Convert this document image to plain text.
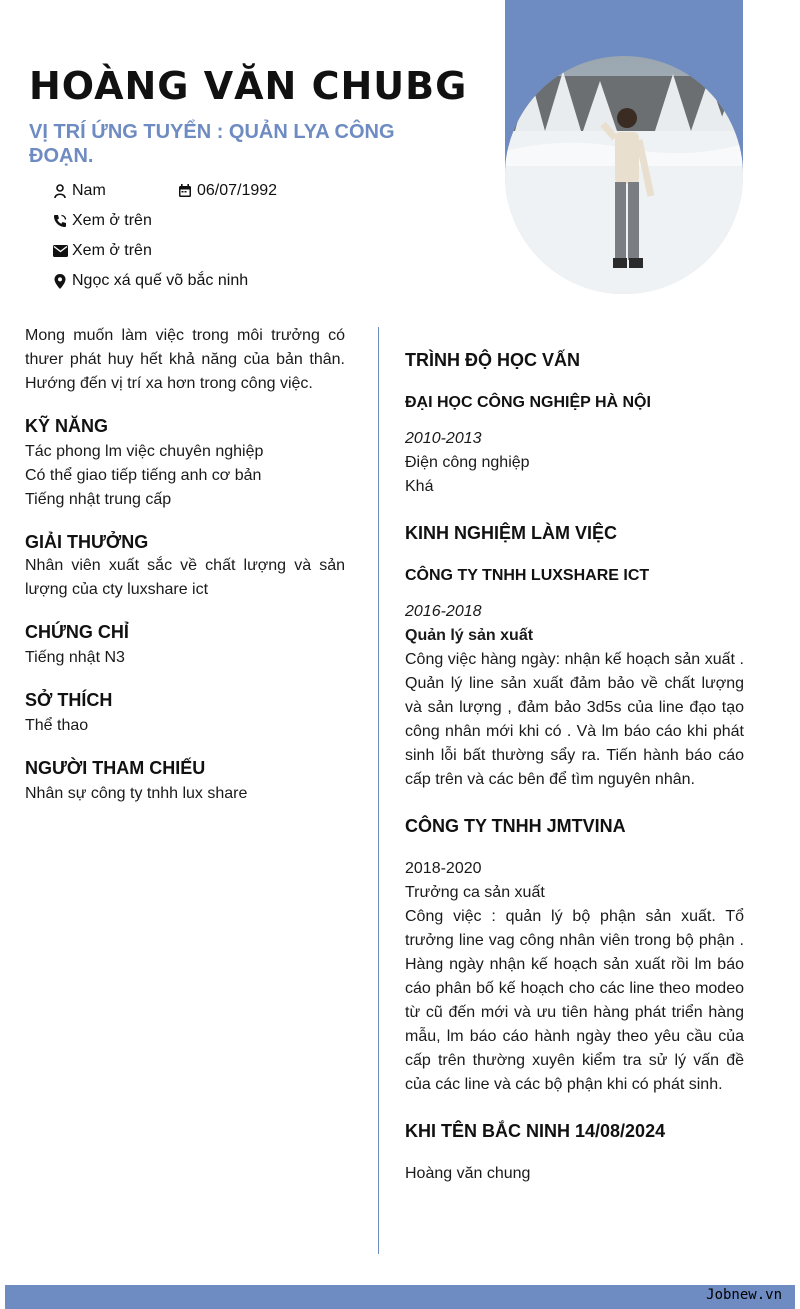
HOÀNG VĂN CHUBG
VỊ TRÍ ỨNG TUYỂN : QUẢN LYA CÔNG ĐOẠN.
Nam	06/07/1992
Xem ở trên
Xem ở trên
Ngọc xá quế võ bắc ninh

Mong muốn làm việc trong môi trưởng có thưer phát huy hết khả năng của bản thân. Hướng đến vị trí xa hơn trong công việc.

KỸ NĂNG
Tác phong lm việc chuyên nghiệp
Có thể giao tiếp tiếng anh cơ bản
Tiếng nhật trung cấp
GIẢI THƯỞNG

Nhân viên xuất sắc về chất lượng và sản lượng của cty luxshare ict

CHỨNG CHỈ

Tiếng nhật N3

SỞ THÍCH

Thể thao

NGƯỜI THAM CHIẾU

Nhân sự công ty tnhh lux share

TRÌNH ĐỘ HỌC VẤN
ĐẠI HỌC CÔNG NGHIỆP HÀ NỘI
2010-2013
Điện công nghiệp
Khá
KINH NGHIỆM LÀM VIỆC
CÔNG TY TNHH LUXSHARE ICT
2016-2018
Quản lý sản xuất

Công việc hàng ngày: nhận kế hoạch sản xuất . Quản lý line sản xuất đảm bảo về chất lượng và sản lượng , đảm bảo 3d5s của line đạo tạo công nhân mới khi có . Và lm báo cáo khi phát sinh lỗi bất thường sẩy ra. Tiến hành báo cáo cấp trên và các bên để tìm nguyên nhân.

CÔNG TY TNHH JMTVINA
2018-2020
Trưởng ca sản xuất

Công việc : quản lý bộ phận sản xuất. Tổ trưởng line vag công nhân viên trong bộ phận . Hàng ngày nhận kế hoạch sản xuất rồi lm báo cáo phân bố kế hoạch cho các line theo modeo từ cũ đến mới và ưu tiên hàng phát triển hàng mẫu, lm báo cáo hành ngày theo yêu cầu của cấp trên thường xuyên kiểm tra sử lý vấn đề của các line và các bộ phận khi có phát sinh.

KHI TÊN BẮC NINH 14/08/2024
Hoàng văn chung
Jobnew.vn
